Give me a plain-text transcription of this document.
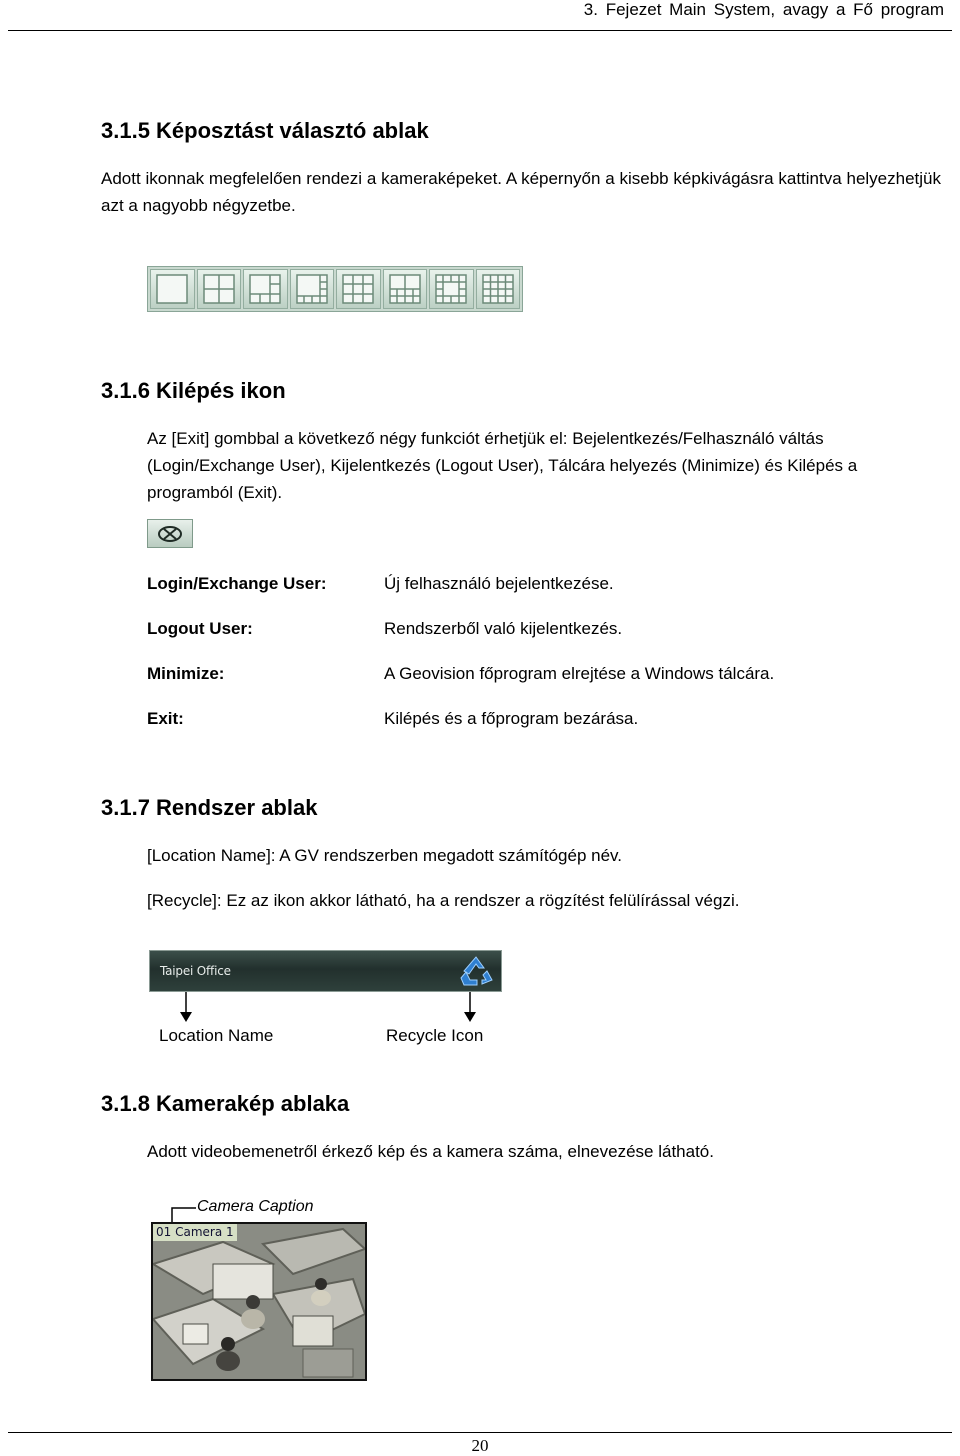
3. Fejezet Main System, avagy a Fő program
3.1.5 Képosztást választó ablak
Adott ikonnak megfelelően rendezi a kameraképeket. A képernyőn a kisebb képkivágásra kattintva helyezhetjük azt a nagyobb négyzetbe.
3.1.6 Kilépés ikon
Az [Exit] gombbal a következő négy funkciót érhetjük el: Bejelentkezés/Felhasználó váltás (Login/Exchange User), Kijelentkezés (Logout User), Tálcára helyezés (Minimize) és Kilépés a programból (Exit).
Login/Exchange User:	Új felhasználó bejelentkezése.
Logout User:	Rendszerből való kijelentkezés.
Minimize:	A Geovision főprogram elrejtése a Windows tálcára.
Exit:	Kilépés és a főprogram bezárása.
3.1.7 Rendszer ablak
[Location Name]: A GV rendszerben megadott számítógép név.
[Recycle]: Ez az ikon akkor látható, ha a rendszer a rögzítést felülírással végzi.
Taipei Office
Location Name	Recycle Icon
3.1.8 Kamerakép ablaka
Adott videobemenetről érkező kép és a kamera száma, elnevezése látható.
Camera Caption
01 Camera 1
20
